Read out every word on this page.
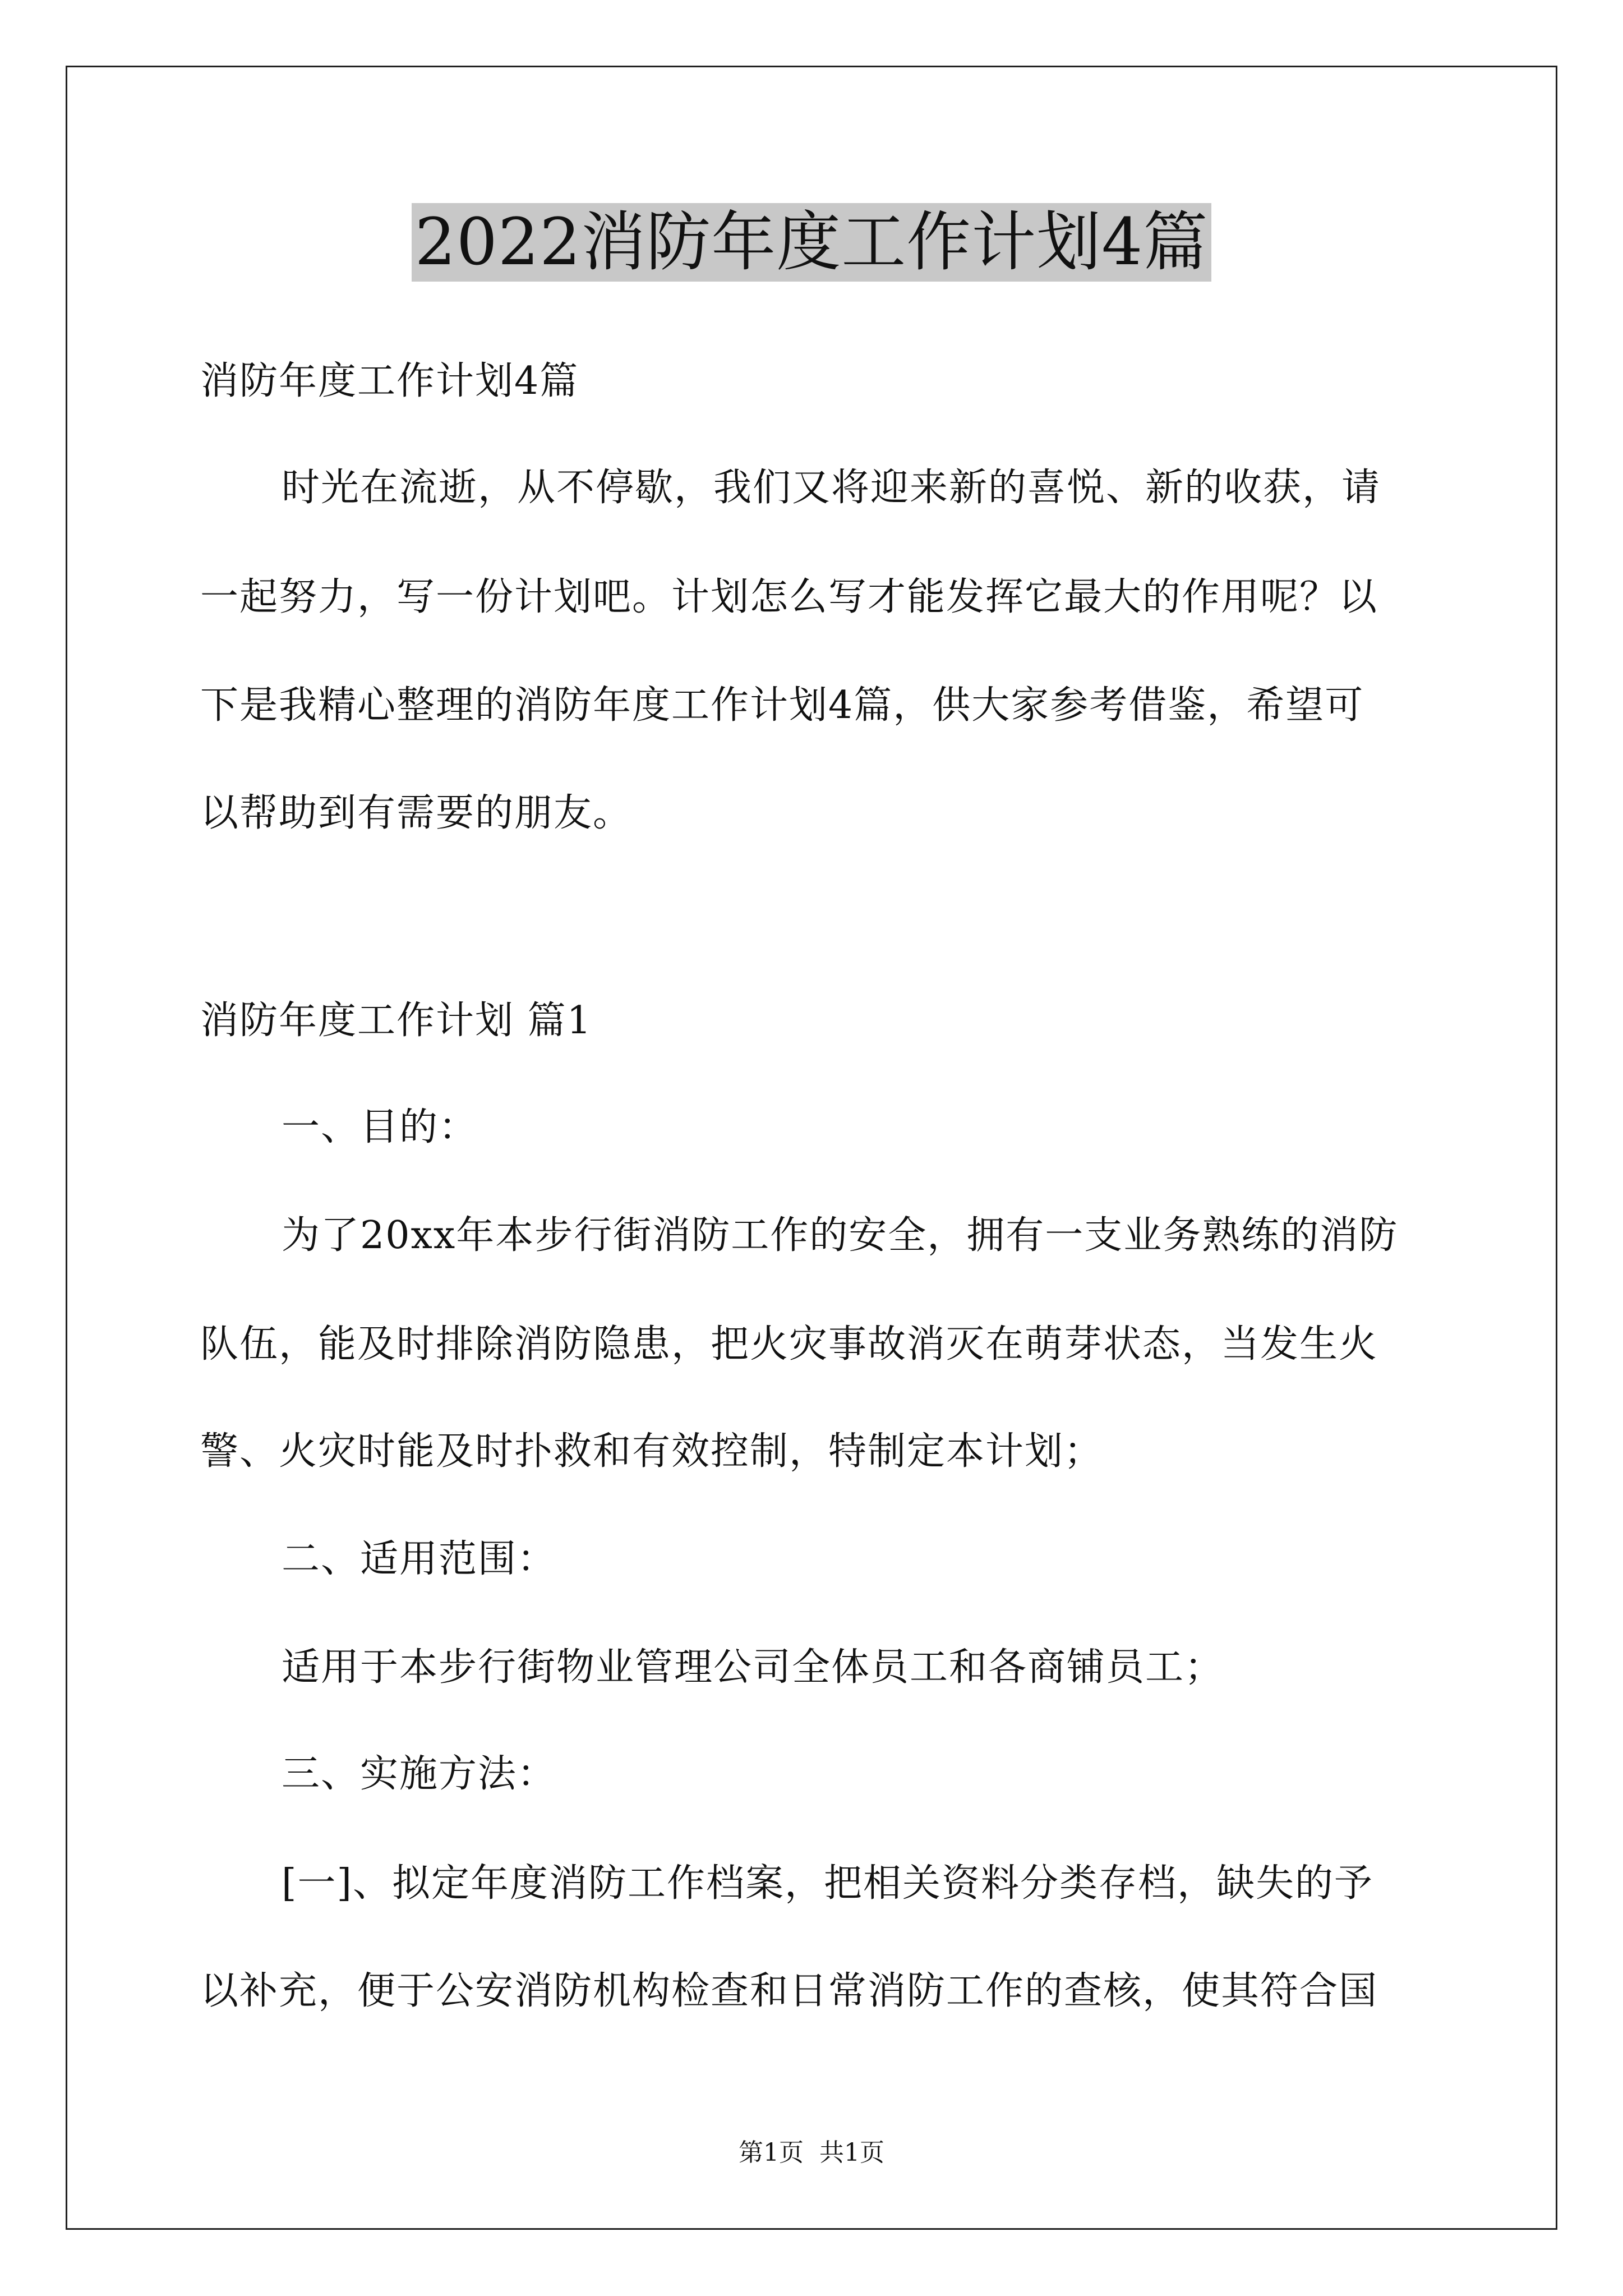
2022消防年度工作计划4篇
消防年度工作计划4篇
时光在流逝，从不停歇，我们又将迎来新的喜悦、新的收获，请
一起努力，写一份计划吧。计划怎么写才能发挥它最大的作用呢？以
下是我精心整理的消防年度工作计划4篇，供大家参考借鉴，希望可
以帮助到有需要的朋友。
消防年度工作计划 篇1
一、目的：
为了20xx年本步行街消防工作的安全，拥有一支业务熟练的消防
队伍，能及时排除消防隐患，把火灾事故消灭在萌芽状态，当发生火
警、火灾时能及时扑救和有效控制，特制定本计划；
二、适用范围：
适用于本步行街物业管理公司全体员工和各商铺员工；
三、实施方法：
[一]、拟定年度消防工作档案，把相关资料分类存档，缺失的予
以补充，便于公安消防机构检查和日常消防工作的查核，使其符合国
第1页 共1页
